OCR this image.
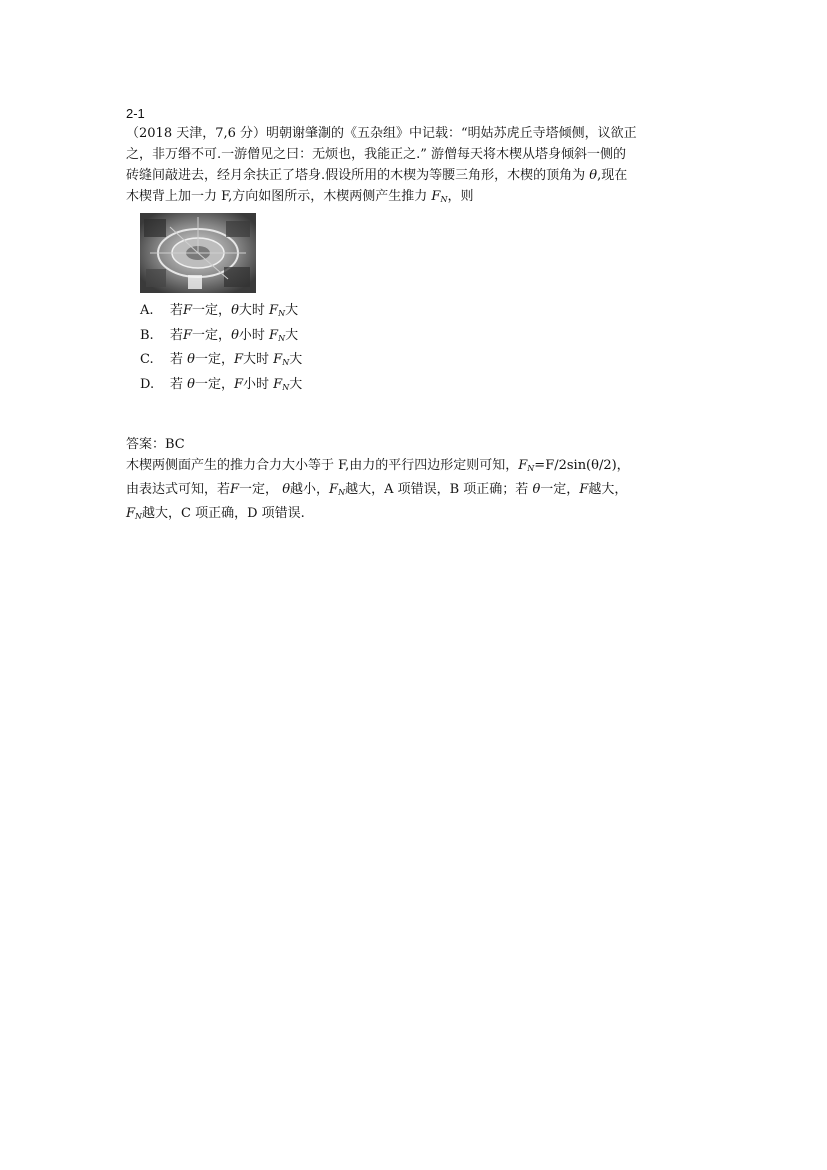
2-1
（2018 天津，7,6 分）明朝谢肇淛的《五杂组》中记载：“明姑苏虎丘寺塔倾侧，议欲正
之，非万缗不可.一游僧见之曰：无烦也，我能正之.” 游僧每天将木楔从塔身倾斜一侧的
砖缝间敲进去，经月余扶正了塔身.假设所用的木楔为等腰三角形，木楔的顶角为 θ,现在
木楔背上加一力 F,方向如图所示，木楔两侧产生推力 $F_N$，则
A. 若F一定，θ大时 $F_N$大
B. 若F一定，θ小时 $F_N$大
C. 若 θ一定，F大时 $F_N$大
D. 若 θ一定，F小时 $F_N$大
答案：BC
木楔两侧面产生的推力合力大小等于 F,由力的平行四边形定则可知，$F_N=F/2\sin(\theta/2)$，
由表达式可知，若F一定， θ越小，$F_N$越大，A 项错误，B 项正确；若 θ一定，F越大，
$F_N$越大，C 项正确，D 项错误.
